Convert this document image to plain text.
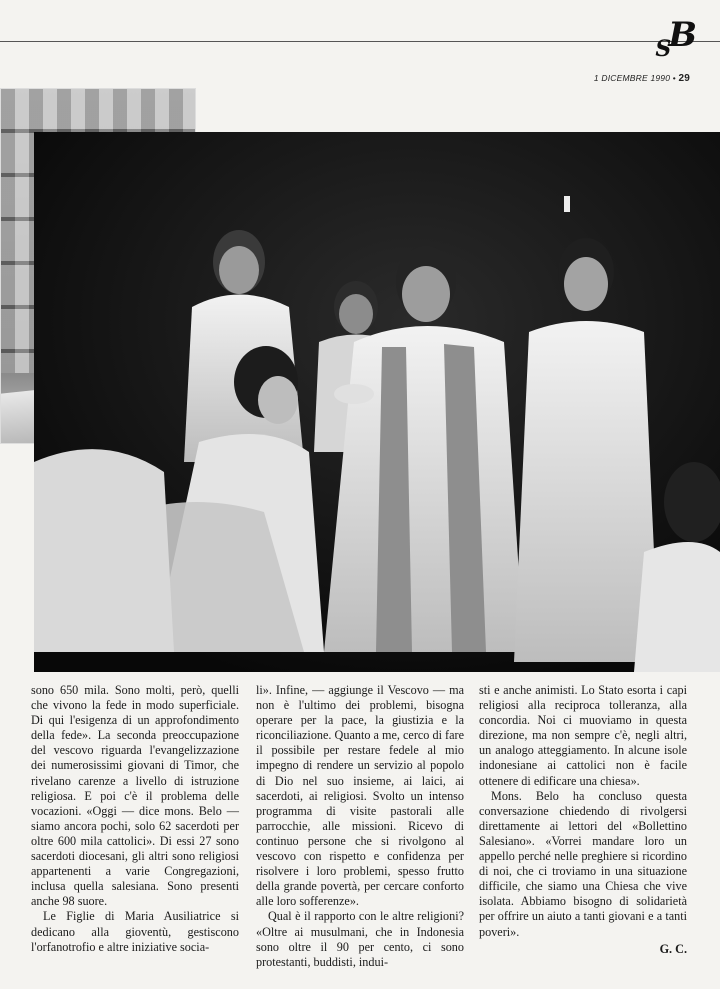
$_S$B
1 DICEMBRE 1990 • 29

sono 650 mila. Sono molti, però, quelli che vivono la fede in modo superficiale. Di qui l'esigenza di un approfondimento della fede». La seconda preoccupazione del vescovo riguarda l'evangelizzazione dei numerosissimi giovani di Timor, che rivelano carenze a livello di istruzione religiosa. E poi c'è il problema delle vocazioni. «Oggi — dice mons. Belo — siamo ancora pochi, solo 62 sacerdoti per oltre 600 mila cattolici». Di essi 27 sono sacerdoti diocesani, gli altri sono religiosi appartenenti a varie Congregazioni, inclusa quella salesiana. Sono presenti anche 98 suore.

Le Figlie di Maria Ausiliatrice si dedicano alla gioventù, gestiscono l'orfanotrofio e altre iniziative socia-

li». Infine, — aggiunge il Vescovo — ma non è l'ultimo dei problemi, bisogna operare per la pace, la giustizia e la riconciliazione. Quanto a me, cerco di fare il possibile per restare fedele al mio impegno di rendere un servizio al popolo di Dio nel suo insieme, ai laici, ai sacerdoti, ai religiosi. Svolto un intenso programma di visite pastorali alle parrocchie, alle missioni. Ricevo di continuo persone che si rivolgono al vescovo con rispetto e confidenza per risolvere i loro problemi, spesso frutto della grande povertà, per cercare conforto alle loro sofferenze».

Qual è il rapporto con le altre religioni? «Oltre ai musulmani, che in Indonesia sono oltre il 90 per cento, ci sono protestanti, buddisti, indui-

sti e anche animisti. Lo Stato esorta i capi religiosi alla reciproca tolleranza, alla concordia. Noi ci muoviamo in questa direzione, ma non sempre c'è, negli altri, un analogo atteggiamento. In alcune isole indonesiane ai cattolici non è facile ottenere di edificare una chiesa».

Mons. Belo ha concluso questa conversazione chiedendo di rivolgersi direttamente ai lettori del «Bollettino Salesiano». «Vorrei mandare loro un appello perché nelle preghiere si ricordino di noi, che ci troviamo in una situazione difficile, che siamo una Chiesa che vive isolata. Abbiamo bisogno di solidarietà per offrire un aiuto a tanti giovani e a tanti poveri».

G. C.
